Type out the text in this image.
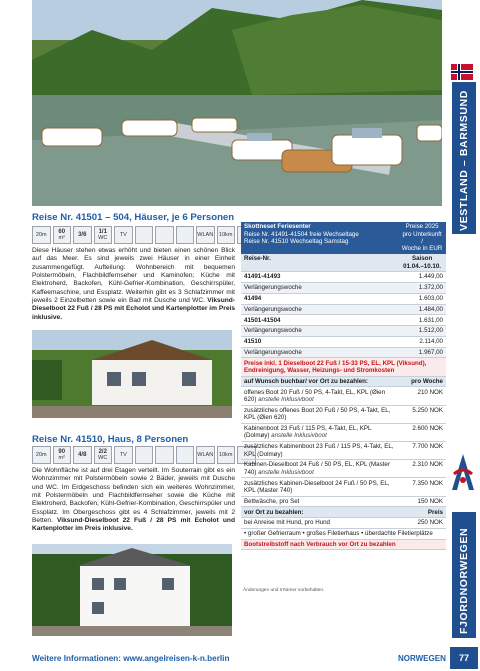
VESTLAND – BARMSUND
FJORDNORWEGEN
Reise Nr. 41501 – 504, Häuser, je 6 Personen
20m 60
m² 3/6 1/1
WC TV	WLAN 10km
Diese Häuser stehen etwas erhöht und bieten einen schönen Blick auf das Meer. Es sind jeweils zwei Häuser in einer Einheit zusammengefügt. Aufteilung: Wohnbereich mit bequemen Polstermöbeln, Flachbildfernseher und Kaminofen; Küche mit Elektroherd, Backofen, Kühl-Gefrier-Kombination, Geschirrspüler, Kaffeemaschine, und Essplatz. Weiterhin gibt es 3 Schlafzimmer mit jeweils 2 Einzelbetten sowie ein Bad mit Dusche und WC. Viksund-Dieselboot 22 Fuß / 28 PS mit Echolot und Kartenplotter im Preis inklusive.
Reise Nr. 41510, Haus, 8 Personen
20m 90
m² 4/8 2/2
WC TV	WLAN 10km
Die Wohnfläche ist auf drei Etagen verteilt. Im Souterrain gibt es ein Wohnzimmer mit Polstermöbeln sowie 2 Bäder, jeweils mit Dusche und WC. Im Erdgeschoss befinden sich ein weiteres Wohnzimmer, mit Polstermöbeln und Flachbildfernseher sowie die Küche mit Elektroherd, Backofen, Kühl-Gefrier-Kombination, Geschirrspüler und Essplatz. Im Obergeschoss gibt es 4 Schlafzimmer, jeweils mit 2 Betten. Viksund-Dieselboot 22 Fuß / 28 PS mit Echolot und Kartenplotter im Preis inklusive.
Skottneset Feriesenter
Reise Nr. 41491-41504 freie Wechseltage
Reise Nr. 41510 Wechseltag Samstag	Preise 2025
pro Unterkunft /
Woche in EUR
Reise-Nr.	Saison
01.04.–10.10.
41491-41493	1.449,00
Verlängerungswoche	1.372,00
41494	1.603,00
Verlängerungswoche	1.484,00
41501-41504	1.631,00
Verlängerungswoche	1.512,00
41510	2.114,00
Verlängerungswoche	1.967,00
Preise inkl. 1 Dieselboot 22 Fuß / 15-33 PS, EL, KPL (Viksund), Endreinigung, Wasser, Heizungs- und Stromkosten	
auf Wunsch buchbar/ vor Ort zu bezahlen:	pro Woche
offenes Boot 20 Fuß / 50 PS, 4-Takt, EL, KPL (Øien 620) anstelle Inklusivboot	210 NOK
zusätzliches offenes Boot 20 Fuß / 50 PS, 4-Takt, EL, KPL (Øien 620)	5.250 NOK
Kabinenboot 23 Fuß / 115 PS, 4-Takt, EL, KPL (Dolmøy) anstelle Inklusivboot	2.600 NOK
zusätzliches Kabinenboot 23 Fuß / 115 PS, 4-Takt, EL, KPL (Dolmøy)	7.700 NOK
Kabinen-Dieselboot 24 Fuß / 50 PS, EL, KPL (Master 740) anstelle Inklusivboot	2.310 NOK
zusätzliches Kabinen-Dieselboot 24 Fuß / 50 PS, EL, KPL (Master 740)	7.350 NOK
Bettwäsche, pro Set	150 NOK
vor Ort zu bezahlen:	Preis
bei Anreise mit Hund, pro Hund	250 NOK
• großer Gefrierraum • großes Filetierhaus • überdachte Filetierplätze	
Bootstreibstoff nach Verbrauch vor Ort zu bezahlen	
Änderungen und Irrtümer vorbehalten.
Weitere Informationen: www.angelreisen-k-n.berlin	NORWEGEN	77
